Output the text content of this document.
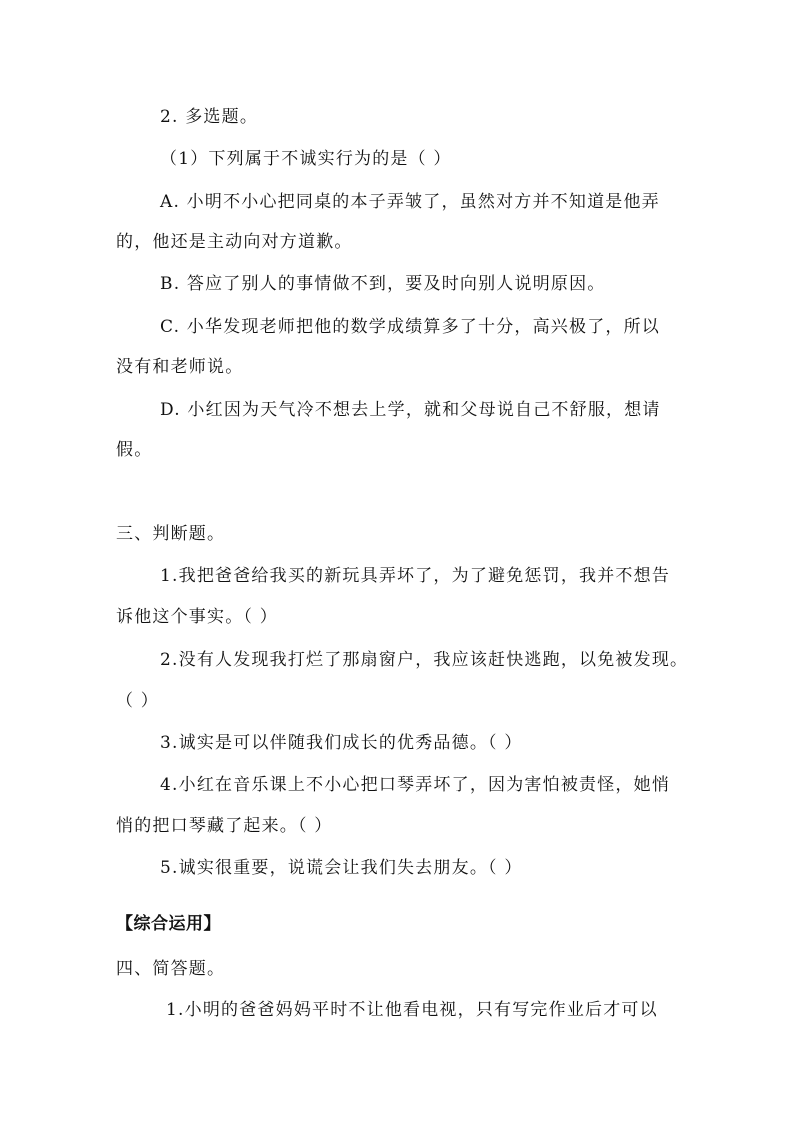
2. 多选题。
（1）下列属于不诚实行为的是（ ）
A. 小明不小心把同桌的本子弄皱了，虽然对方并不知道是他弄
的，他还是主动向对方道歉。
B. 答应了别人的事情做不到，要及时向别人说明原因。
C. 小华发现老师把他的数学成绩算多了十分，高兴极了，所以
没有和老师说。
D. 小红因为天气冷不想去上学，就和父母说自己不舒服，想请
假。
三、判断题。
1.我把爸爸给我买的新玩具弄坏了，为了避免惩罚，我并不想告
诉他这个事实。（ ）
2.没有人发现我打烂了那扇窗户，我应该赶快逃跑，以免被发现。
（ ）
3.诚实是可以伴随我们成长的优秀品德。（ ）
4.小红在音乐课上不小心把口琴弄坏了，因为害怕被责怪，她悄
悄的把口琴藏了起来。（ ）
5.诚实很重要，说谎会让我们失去朋友。（ ）
【综合运用】
四、简答题。
1.小明的爸爸妈妈平时不让他看电视，只有写完作业后才可以
